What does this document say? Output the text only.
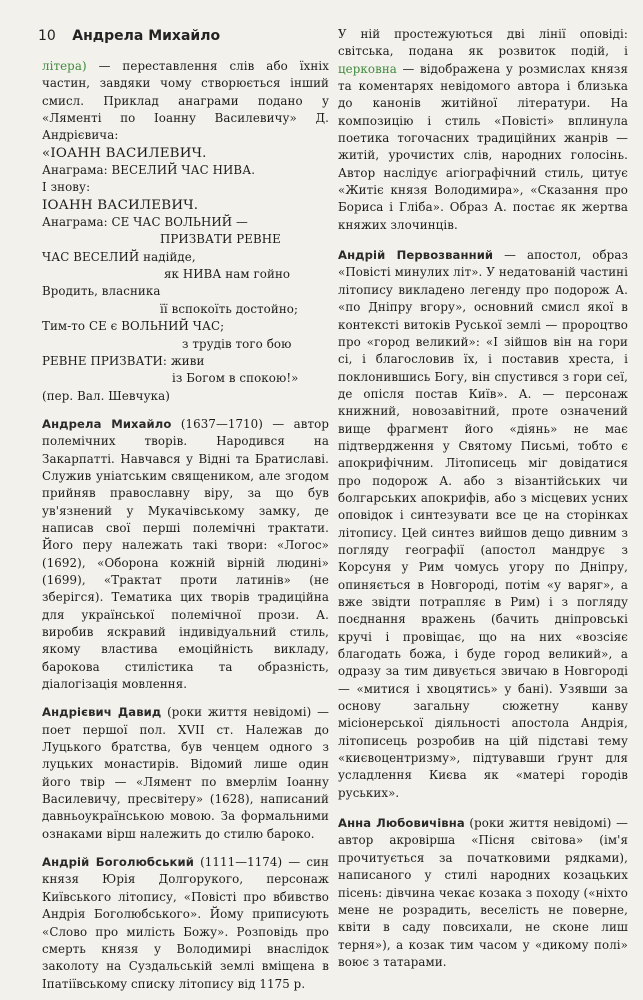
10 Андрела Михайло

літера) — переставлення слів або їхніх частин, завдяки чому створюється інший смисл. Приклад анаграми подано у «Ляменті по Іоанну Василевичу» Д. Андрієвича:

«ІОАНН ВАСИЛЕВИЧ.
Анаграма: ВЕСЕЛИЙ ЧАС НИВА.
І знову:
ІОАНН ВАСИЛЕВИЧ.
Анаграма: СЕ ЧАС ВОЛЬНИЙ —
ПРИЗВАТИ РЕВНЕ
ЧАС ВЕСЕЛИЙ надійде,
як НИВА нам гойно
Вродить, власника
її вспокоїть достойно;
Тим-то СЕ є ВОЛЬНИЙ ЧАС;
з трудів того бою
РЕВНЕ ПРИЗВАТИ: живи
із Богом в спокою!»
(пер. Вал. Шевчука)

Андрела Михайло (1637—1710) — автор полемічних творів. Народився на Закарпатті. Навчався у Відні та Братиславі. Служив уніатським священиком, але згодом прийняв православну віру, за що був ув'язнений у Мукачівському замку, де написав свої перші полемічні трактати. Його перу належать такі твори: «Логос» (1692), «Оборона кожній вірній людині» (1699), «Трактат проти латинів» (не зберігся). Тематика цих творів традиційна для української полемічної прози. А. виробив яскравий індивідуальний стиль, якому властива емоційність викладу, барокова стилістика та образність, діалогізація мовлення.

Андрієвич Давид (роки життя невідомі) — поет першої пол. XVII ст. Належав до Луцького братства, був ченцем одного з луцьких монастирів. Відомий лише один його твір — «Лямент по вмерлім Іоанну Василевичу, пресвітеру» (1628), написаний давньоукраїнською мовою. За формальними ознаками вірш належить до стилю бароко.

Андрій Боголюбський (1111—1174) — син князя Юрія Долгорукого, персонаж Київського літопису, «Повісті про вбивство Андрія Боголюбського». Йому приписують «Слово про милість Божу». Розповідь про смерть князя у Володимирі внаслідок заколоту на Суздальській землі вміщена в Іпатіївському списку літопису від 1175 р.

У ній простежуються дві лінії оповіді: світська, подана як розвиток подій, і церковна — відображена у розмислах князя та коментарях невідомого автора і близька до канонів житійної літератури. На композицію і стиль «Повісті» вплинула поетика тогочасних традиційних жанрів — житій, урочистих слів, народних голосінь. Автор наслідує агіографічний стиль, цитує «Житіє князя Володимира», «Сказання про Бориса і Гліба». Образ А. постає як жертва княжих злочинців.

Андрій Первозванний — апостол, образ «Повісті минулих літ». У недатованій частині літопису викладено легенду про подорож А. «по Дніпру вгору», основний смисл якої в контексті витоків Руської землі — пророцтво про «город великий»: «І зійшов він на гори сі, і благословив їх, і поставив хреста, і поклонившись Богу, він спустився з гори сеї, де опісля постав Київ». А. — персонаж книжний, новозавітний, проте означений вище фрагмент його «діянь» не має підтвердження у Святому Письмі, тобто є апокрифічним. Літописець міг довідатися про подорож А. або з візантійських чи болгарських апокрифів, або з місцевих усних оповідок і синтезувати все це на сторінках літопису. Цей синтез вийшов дещо дивним з погляду географії (апостол мандрує з Корсуня у Рим чомусь угору по Дніпру, опиняється в Новгороді, потім «у варяг», а вже звідти потрапляє в Рим) і з погляду поєднання вражень (бачить дніпровські кручі і провіщає, що на них «возсіяє благодать божа, і буде город великий», а одразу за тим дивується звичаю в Новгороді — «митися і хвоцятись» у бані). Узявши за основу загальну сюжетну канву місіонерської діяльності апостола Андрія, літописець розробив на цій підставі тему «києвоцентризму», підтувавши ґрунт для усладлення Києва як «матері городів руських».

Анна Любовичівна (роки життя невідомі) — автор акровірша «Пісня світова» (ім'я прочитується за початковими рядками), написаного у стилі народних козацьких пісень: дівчина чекає козака з походу («ніхто мене не розрадить, веселість не поверне, квіти в саду повсихали, не сконе лиш терня»), а козак тим часом у «дикому полі» воює з татарами.
